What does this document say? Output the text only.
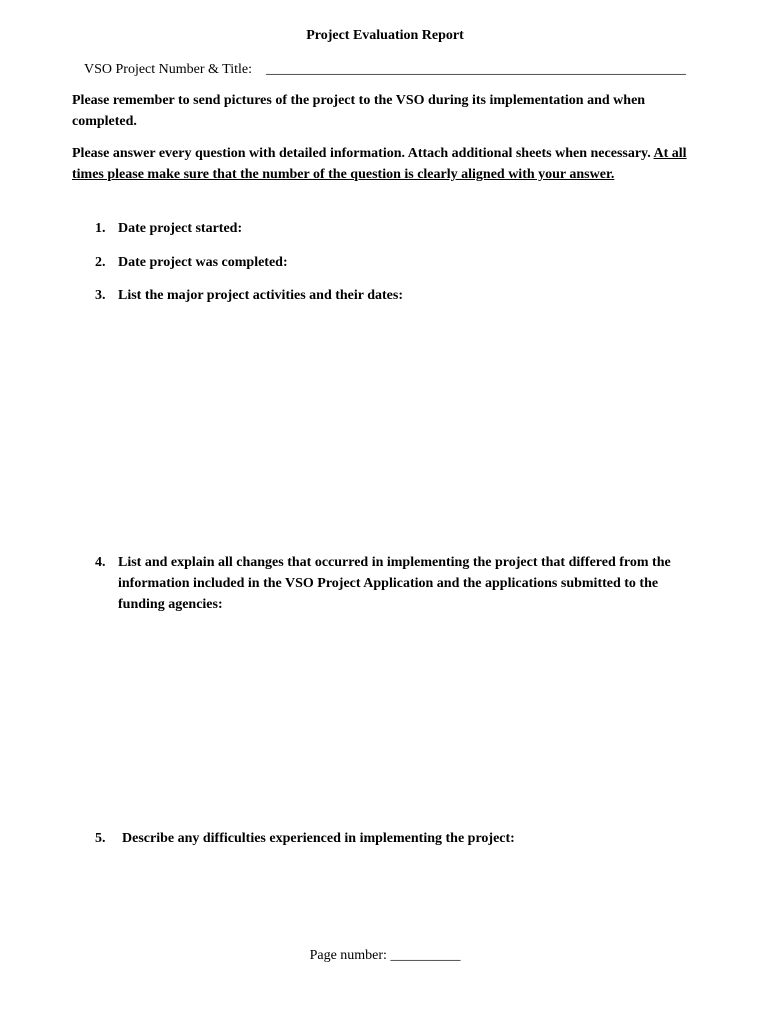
Project Evaluation Report
VSO Project Number & Title: ____________________________________________________________
Please remember to send pictures of the project to the VSO during its implementation and when completed.
Please answer every question with detailed information. Attach additional sheets when necessary. At all times please make sure that the number of the question is clearly aligned with your answer.
1. Date project started:
2. Date project was completed:
3. List the major project activities and their dates:
4. List and explain all changes that occurred in implementing the project that differed from the information included in the VSO Project Application and the applications submitted to the funding agencies:
5. Describe any difficulties experienced in implementing the project:
Page number: __________
